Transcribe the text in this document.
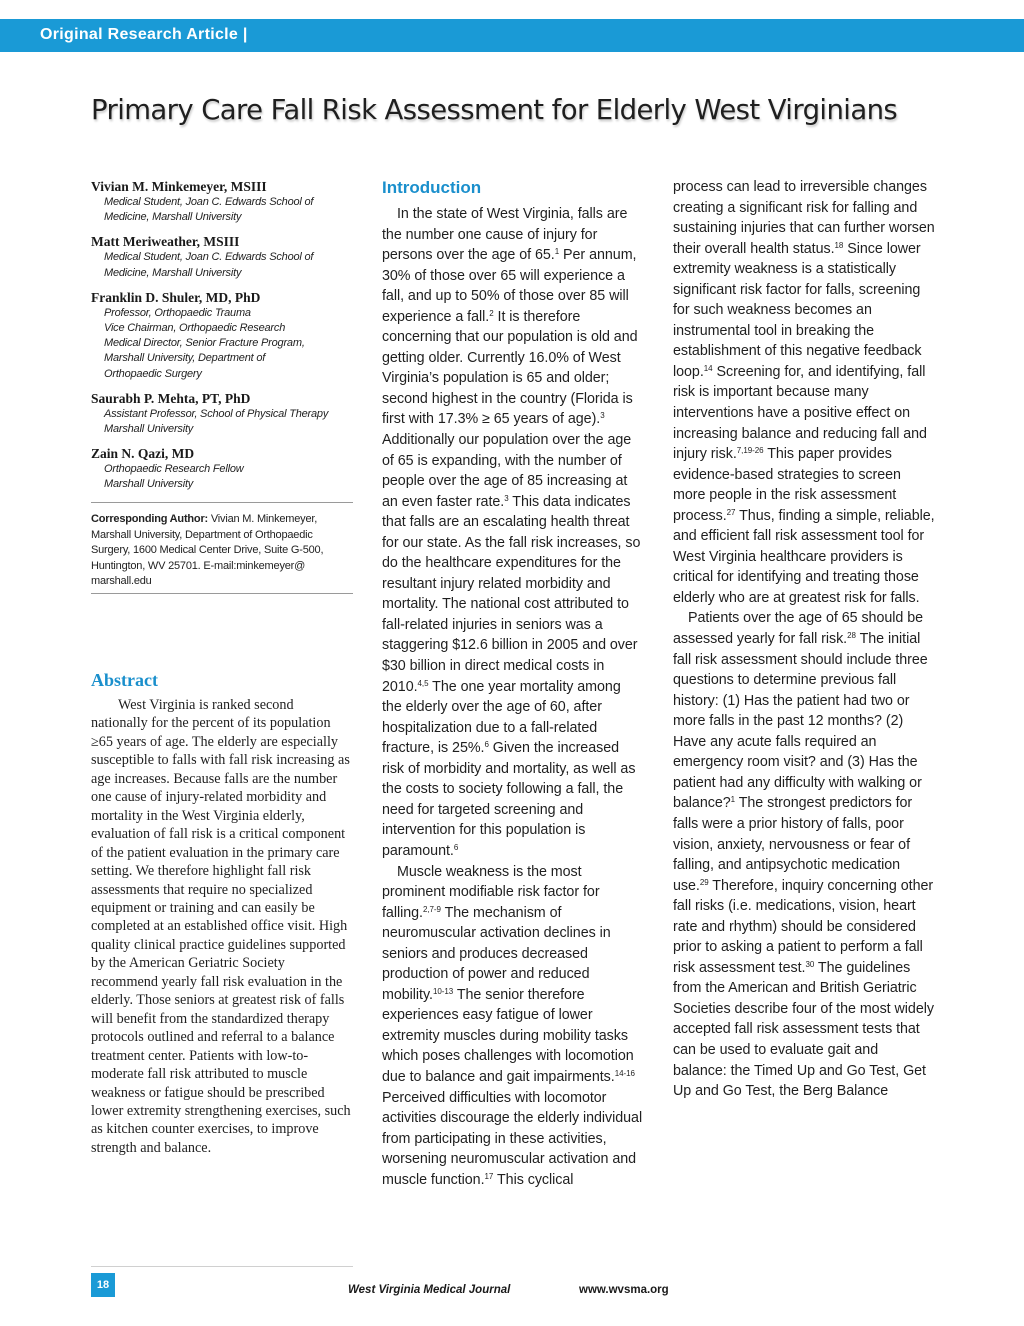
Original Research Article |
Primary Care Fall Risk Assessment for Elderly West Virginians
Vivian M. Minkemeyer, MSIII
Medical Student, Joan C. Edwards School of
Medicine, Marshall University
Matt Meriweather, MSIII
Medical Student, Joan C. Edwards School of
Medicine, Marshall University
Franklin D. Shuler, MD, PhD
Professor, Orthopaedic Trauma
Vice Chairman, Orthopaedic Research
Medical Director, Senior Fracture Program,
Marshall University, Department of
Orthopaedic Surgery
Saurabh P. Mehta, PT, PhD
Assistant Professor, School of Physical Therapy
Marshall University
Zain N. Qazi, MD
Orthopaedic Research Fellow
Marshall University
Corresponding Author: Vivian M. Minkemeyer,
Marshall University, Department of Orthopaedic
Surgery, 1600 Medical Center Drive, Suite G-500,
Huntington, WV 25701. E-mail:minkemeyer@
marshall.edu
Abstract

West Virginia is ranked second nationally for the percent of its population ≥65 years of age. The elderly are especially susceptible to falls with fall risk increasing as age increases. Because falls are the number one cause of injury-related morbidity and mortality in the West Virginia elderly, evaluation of fall risk is a critical component of the patient evaluation in the primary care setting. We therefore highlight fall risk assessments that require no specialized equipment or training and can easily be completed at an established office visit. High quality clinical practice guidelines supported by the American Geriatric Society recommend yearly fall risk evaluation in the elderly. Those seniors at greatest risk of falls will benefit from the standardized therapy protocols outlined and referral to a balance treatment center. Patients with low-to-moderate fall risk attributed to muscle weakness or fatigue should be prescribed lower extremity strengthening exercises, such as kitchen counter exercises, to improve strength and balance.

Introduction

In the state of West Virginia, falls are the number one cause of injury for persons over the age of 65.$^1$ Per annum, 30% of those over 65 will experience a fall, and up to 50% of those over 85 will experience a fall.$^2$ It is therefore concerning that our population is old and getting older. Currently 16.0% of West Virginia’s population is 65 and older; second highest in the country (Florida is first with 17.3% ≥ 65 years of age).$^3$ Additionally our population over the age of 65 is expanding, with the number of people over the age of 85 increasing at an even faster rate.$^3$ This data indicates that falls are an escalating health threat for our state. As the fall risk increases, so do the healthcare expenditures for the resultant injury related morbidity and mortality. The national cost attributed to fall-related injuries in seniors was a staggering $12.6 billion in 2005 and over $30 billion in direct medical costs in 2010.$^{4,5}$ The one year mortality among the elderly over the age of 60, after hospitalization due to a fall-related fracture, is 25%.$^6$ Given the increased risk of morbidity and mortality, as well as the costs to society following a fall, the need for targeted screening and intervention for this population is paramount.$^6$

Muscle weakness is the most prominent modifiable risk factor for falling.$^{2,7-9}$ The mechanism of neuromuscular activation declines in seniors and produces decreased production of power and reduced mobility.$^{10-13}$ The senior therefore experiences easy fatigue of lower extremity muscles during mobility tasks which poses challenges with locomotion due to balance and gait impairments.$^{14-16}$ Perceived difficulties with locomotor activities discourage the elderly individual from participating in these activities, worsening neuromuscular activation and muscle function.$^{17}$ This cyclical

process can lead to irreversible changes creating a significant risk for falling and sustaining injuries that can further worsen their overall health status.$^{18}$ Since lower extremity weakness is a statistically significant risk factor for falls, screening for such weakness becomes an instrumental tool in breaking the establishment of this negative feedback loop.$^{14}$ Screening for, and identifying, fall risk is important because many interventions have a positive effect on increasing balance and reducing fall and injury risk.$^{7,19-26}$ This paper provides evidence-based strategies to screen more people in the risk assessment process.$^{27}$ Thus, finding a simple, reliable, and efficient fall risk assessment tool for West Virginia healthcare providers is critical for identifying and treating those elderly who are at greatest risk for falls.

Patients over the age of 65 should be assessed yearly for fall risk.$^{28}$ The initial fall risk assessment should include three questions to determine previous fall history: (1) Has the patient had two or more falls in the past 12 months? (2) Have any acute falls required an emergency room visit? and (3) Has the patient had any difficulty with walking or balance?$^1$ The strongest predictors for falls were a prior history of falls, poor vision, anxiety, nervousness or fear of falling, and antipsychotic medication use.$^{29}$ Therefore, inquiry concerning other fall risks (i.e. medications, vision, heart rate and rhythm) should be considered prior to asking a patient to perform a fall risk assessment test.$^{30}$ The guidelines from the American and British Geriatric Societies describe four of the most widely accepted fall risk assessment tests that can be used to evaluate gait and balance: the Timed Up and Go Test, Get Up and Go Test, the Berg Balance

18	West Virginia Medical Journal	www.wvsma.org
